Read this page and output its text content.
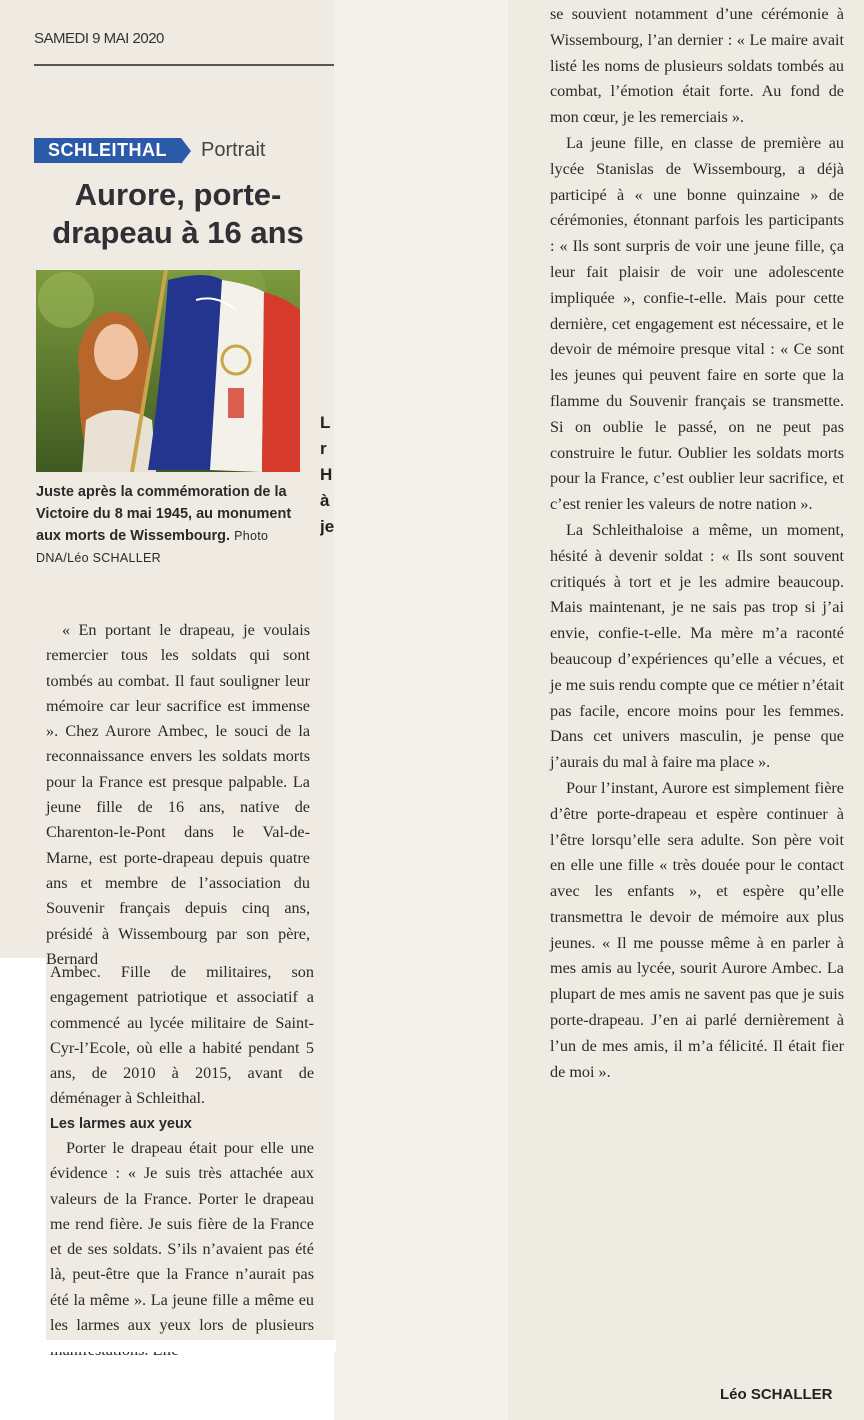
L
r
H
à
je
SAMEDI 9 MAI 2020
SCHLEITHAL	Portrait
Aurore, porte-
drapeau à 16 ans
Juste après la commémoration de la Victoire du 8 mai 1945, au monument aux morts de Wissembourg. Photo DNA/Léo SCHALLER

« En portant le drapeau, je voulais remercier tous les soldats qui sont tombés au combat. Il faut souligner leur mémoire car leur sacrifice est immense ». Chez Aurore Ambec, le souci de la reconnaissance envers les soldats morts pour la France est presque palpable. La jeune fille de 16 ans, native de Charenton-le-Pont dans le Val-de-Marne, est porte-drapeau depuis quatre ans et membre de l’association du Souvenir français depuis cinq ans, présidé à Wissembourg par son père, Bernard

Ambec. Fille de militaires, son engagement patriotique et associatif a commencé au lycée militaire de Saint-Cyr-l’Ecole, où elle a habité pendant 5 ans, de 2010 à 2015, avant de déménager à Schleithal.

Les larmes aux yeux

Porter le drapeau était pour elle une évidence : « Je suis très attachée aux valeurs de la France. Porter le drapeau me rend fière. Je suis fière de la France et de ses soldats. S’ils n’avaient pas été là, peut-être que la France n’aurait pas été la même ». La jeune fille a même eu les larmes aux yeux lors de plusieurs

se souvient notamment d’une cérémonie à Wissembourg, l’an dernier : « Le maire avait listé les noms de plusieurs soldats tombés au combat, l’émotion était forte. Au fond de mon cœur, je les remerciais ».

La jeune fille, en classe de première au lycée Stanislas de Wissembourg, a déjà participé à « une bonne quinzaine » de cérémonies, étonnant parfois les participants : « Ils sont surpris de voir une jeune fille, ça leur fait plaisir de voir une adolescente impliquée », confie-t-elle. Mais pour cette dernière, cet engagement est nécessaire, et le devoir de mémoire presque vital : « Ce sont les jeunes qui peuvent faire en sorte que la flamme du Souvenir français se transmette. Si on oublie le passé, on ne peut pas construire le futur. Oublier les soldats morts pour la France, c’est oublier leur sacrifice, et c’est renier les valeurs de notre nation ».

La Schleithaloise a même, un moment, hésité à devenir soldat : « Ils sont souvent critiqués à tort et je les admire beaucoup. Mais maintenant, je ne sais pas trop si j’ai envie, confie-t-elle. Ma mère m’a raconté beaucoup d’expériences qu’elle a vécues, et je me suis rendu compte que ce métier n’était pas facile, encore moins pour les femmes. Dans cet univers masculin, je pense que j’aurais du mal à faire ma place ».

Pour l’instant, Aurore est simplement fière d’être porte-drapeau et espère continuer à l’être lorsqu’elle sera adulte. Son père voit en elle une fille « très douée pour le contact avec les enfants », et espère qu’elle transmettra le devoir de mémoire aux plus jeunes. « Il me pousse même à en parler à mes amis au lycée, sourit Aurore Ambec. La plupart de mes amis ne savent pas que je suis porte-drapeau. J’en ai parlé dernièrement à l’un de mes amis, il m’a félicité. Il était fier de moi ».

Léo SCHALLER
